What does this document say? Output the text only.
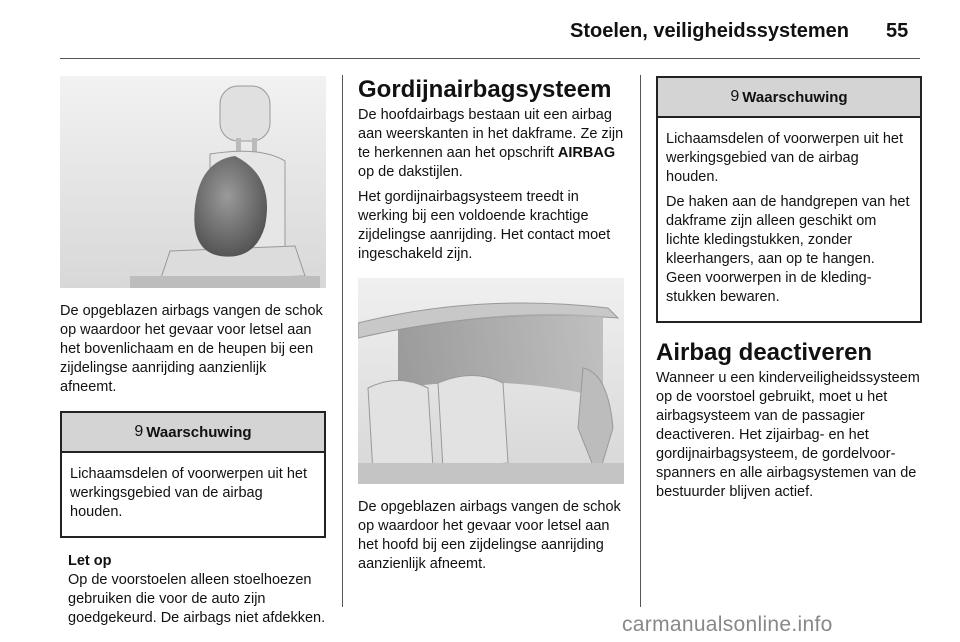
Stoelen, veiligheidssystemen 55

De opgeblazen airbags vangen de schok op waardoor het gevaar voor letsel aan het bovenlichaam en de heupen bij een zijdelingse aanrijding aanzienlijk afneemt.

9 Waarschuwing

Lichaamsdelen of voorwerpen uit het werkingsgebied van de airbag houden.

Let op

Op de voorstoelen alleen stoelhoezen gebruiken die voor de auto zijn goedgekeurd. De airbags niet afdekken.

Gordijnairbagsysteem

De hoofdairbags bestaan uit een airbag aan weerskanten in het dakframe. Ze zijn te herkennen aan het opschrift AIRBAG op de dakstijlen.

Het gordijnairbagsysteem treedt in werking bij een voldoende krachtige zijdelingse aanrijding. Het contact moet ingeschakeld zijn.

De opgeblazen airbags vangen de schok op waardoor het gevaar voor letsel aan het hoofd bij een zijdelingse aanrijding aanzienlijk afneemt.

9 Waarschuwing

Lichaamsdelen of voorwerpen uit het werkingsgebied van de airbag houden.

De haken aan de handgrepen van het dakframe zijn alleen geschikt om lichte kledingstukken, zonder kleerhangers, aan op te hangen. Geen voorwerpen in de kledingstukken bewaren.

Airbag deactiveren

Wanneer u een kinderveiligheidssysteem op de voorstoel gebruikt, moet u het airbagsysteem van de passagier deactiveren. Het zijairbag- en het gordijnairbagsysteem, de gordelvoorspanners en alle airbagsystemen van de bestuurder blijven actief.

carmanualsonline.info
